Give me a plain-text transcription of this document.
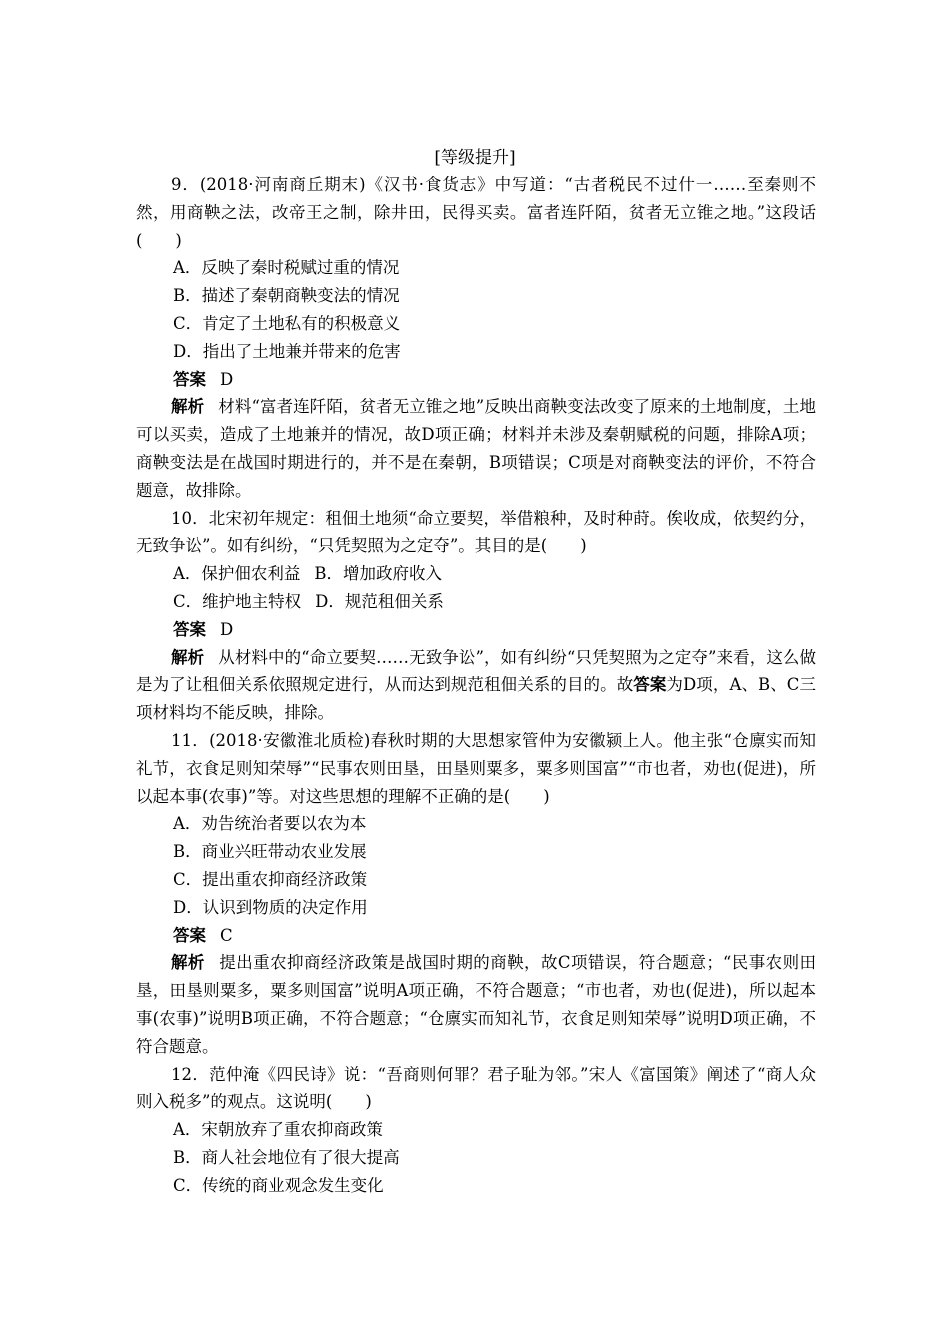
[等级提升]

9．(2018·河南商丘期末)《汉书·食货志》中写道：“古者税民不过什一……至秦则不然，用商鞅之法，改帝王之制，除井田，民得买卖。富者连阡陌，贫者无立锥之地。”这段话(　　)

A．反映了秦时税赋过重的情况

B．描述了秦朝商鞅变法的情况

C．肯定了土地私有的积极意义

D．指出了土地兼并带来的危害

答案 D

解析 材料“富者连阡陌，贫者无立锥之地”反映出商鞅变法改变了原来的土地制度，土地可以买卖，造成了土地兼并的情况，故D项正确；材料并未涉及秦朝赋税的问题，排除A项；商鞅变法是在战国时期进行的，并不是在秦朝，B项错误；C项是对商鞅变法的评价，不符合题意，故排除。

10．北宋初年规定：租佃土地须“命立要契，举借粮种，及时种莳。俟收成，依契约分，无致争讼”。如有纠纷，“只凭契照为之定夺”。其目的是(　　)

A．保护佃农利益 B．增加政府收入

C．维护地主特权 D．规范租佃关系

答案 D

解析 从材料中的“命立要契……无致争讼”，如有纠纷“只凭契照为之定夺”来看，这么做是为了让租佃关系依照规定进行，从而达到规范租佃关系的目的。故答案为D项，A、B、C三项材料均不能反映，排除。

11．(2018·安徽淮北质检)春秋时期的大思想家管仲为安徽颍上人。他主张“仓廪实而知礼节，衣食足则知荣辱”“民事农则田垦，田垦则粟多，粟多则国富”“市也者，劝也(促进)，所以起本事(农事)”等。对这些思想的理解不正确的是(　　)

A．劝告统治者要以农为本

B．商业兴旺带动农业发展

C．提出重农抑商经济政策

D．认识到物质的决定作用

答案 C

解析 提出重农抑商经济政策是战国时期的商鞅，故C项错误，符合题意；“民事农则田垦，田垦则粟多，粟多则国富”说明A项正确，不符合题意；“市也者，劝也(促进)，所以起本事(农事)”说明B项正确，不符合题意；“仓廪实而知礼节，衣食足则知荣辱”说明D项正确，不符合题意。

12．范仲淹《四民诗》说：“吾商则何罪？君子耻为邻。”宋人《富国策》阐述了“商人众则入税多”的观点。这说明(　　)

A．宋朝放弃了重农抑商政策

B．商人社会地位有了很大提高

C．传统的商业观念发生变化
